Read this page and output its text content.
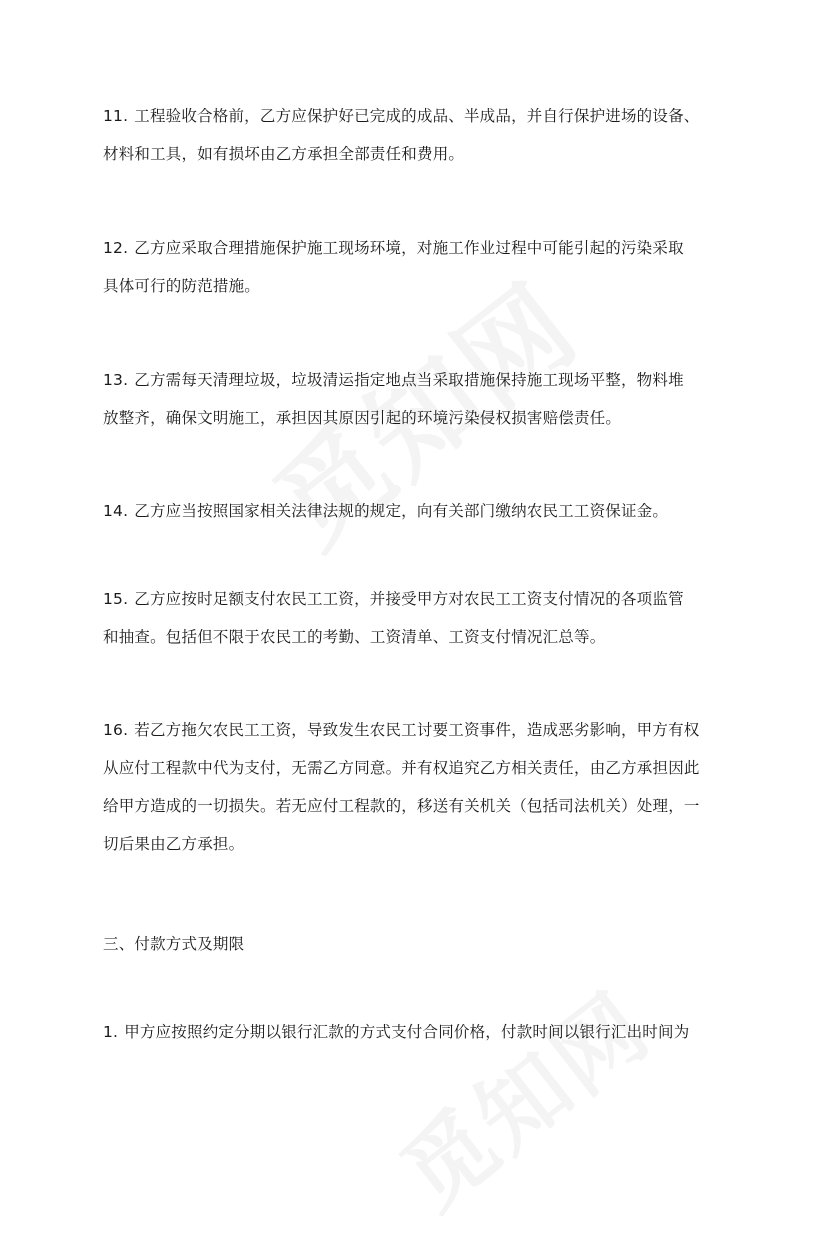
11. 工程验收合格前，乙方应保护好已完成的成品、半成品，并自行保护进场的设备、
材料和工具，如有损坏由乙方承担全部责任和费用。
12. 乙方应采取合理措施保护施工现场环境，对施工作业过程中可能引起的污染采取
具体可行的防范措施。
13. 乙方需每天清理垃圾，垃圾清运指定地点当采取措施保持施工现场平整，物料堆
放整齐，确保文明施工，承担因其原因引起的环境污染侵权损害赔偿责任。
14. 乙方应当按照国家相关法律法规的规定，向有关部门缴纳农民工工资保证金。
15. 乙方应按时足额支付农民工工资，并接受甲方对农民工工资支付情况的各项监管
和抽查。包括但不限于农民工的考勤、工资清单、工资支付情况汇总等。
16. 若乙方拖欠农民工工资，导致发生农民工讨要工资事件，造成恶劣影响，甲方有权
从应付工程款中代为支付，无需乙方同意。并有权追究乙方相关责任，由乙方承担因此
给甲方造成的一切损失。若无应付工程款的，移送有关机关（包括司法机关）处理，一
切后果由乙方承担。
三、付款方式及期限
1. 甲方应按照约定分期以银行汇款的方式支付合同价格，付款时间以银行汇出时间为
